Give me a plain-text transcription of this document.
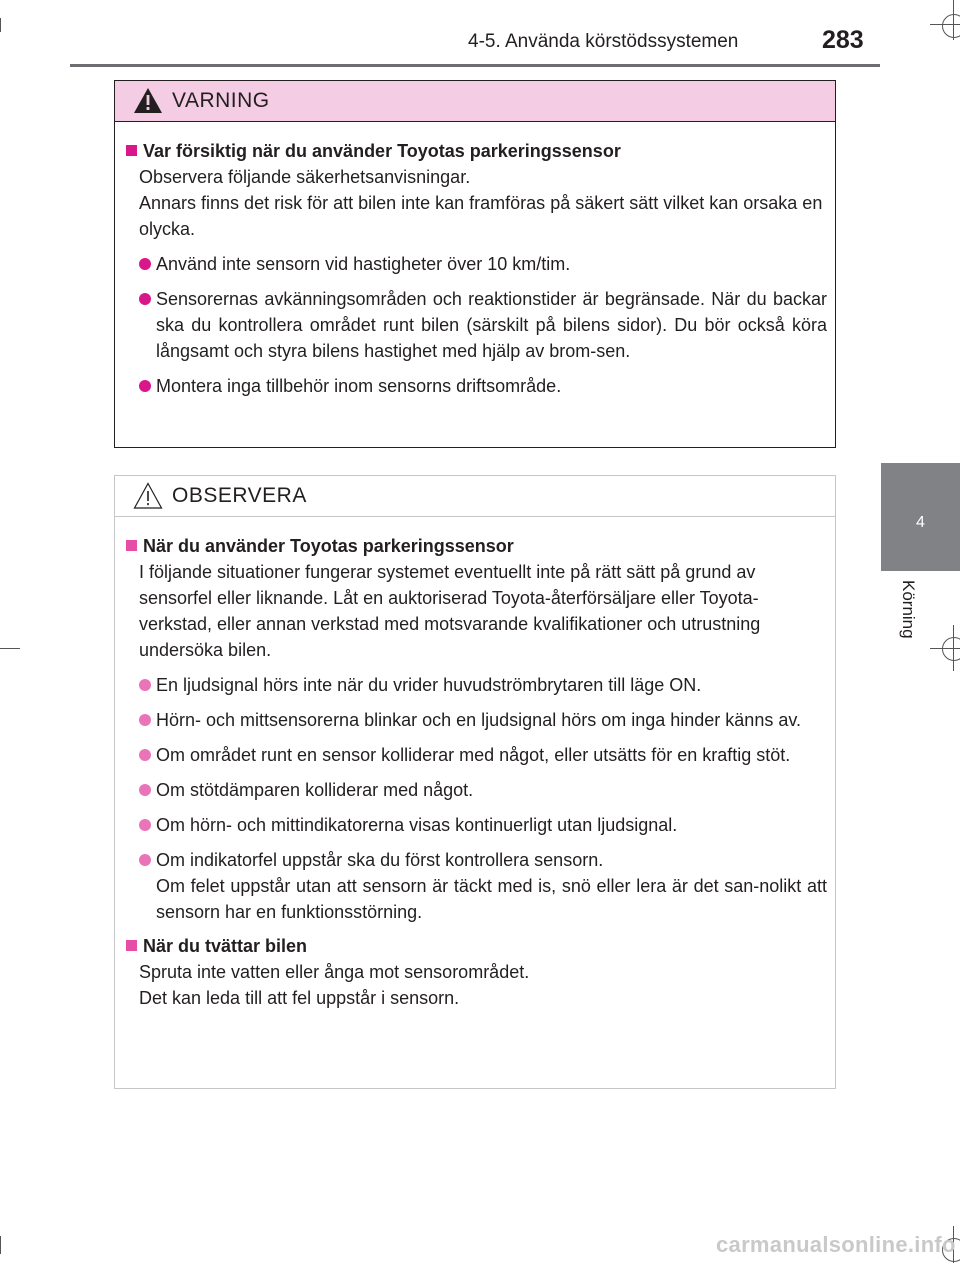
4-5. Använda körstödssystemen	283
4
Körning
VARNING
Var försiktig när du använder Toyotas parkeringssensor
Observera följande säkerhetsanvisningar.
Annars finns det risk för att bilen inte kan framföras på säkert sätt vilket kan orsaka en olycka.
Använd inte sensorn vid hastigheter över 10 km/tim.
Sensorernas avkänningsområden och reaktionstider är begränsade. När du backar ska du kontrollera området runt bilen (särskilt på bilens sidor). Du bör också köra långsamt och styra bilens hastighet med hjälp av brom-sen.
Montera inga tillbehör inom sensorns driftsområde.
OBSERVERA
När du använder Toyotas parkeringssensor
I följande situationer fungerar systemet eventuellt inte på rätt sätt på grund av sensorfel eller liknande. Låt en auktoriserad Toyota-återförsäljare eller Toyota-verkstad, eller annan verkstad med motsvarande kvalifikationer och utrustning undersöka bilen.
En ljudsignal hörs inte när du vrider huvudströmbrytaren till läge ON.
Hörn- och mittsensorerna blinkar och en ljudsignal hörs om inga hinder känns av.
Om området runt en sensor kolliderar med något, eller utsätts för en kraftig stöt.
Om stötdämparen kolliderar med något.
Om hörn- och mittindikatorerna visas kontinuerligt utan ljudsignal.
Om indikatorfel uppstår ska du först kontrollera sensorn.
Om felet uppstår utan att sensorn är täckt med is, snö eller lera är det san-nolikt att sensorn har en funktionsstörning.
När du tvättar bilen
Spruta inte vatten eller ånga mot sensorområdet.
Det kan leda till att fel uppstår i sensorn.
carmanualsonline.info
